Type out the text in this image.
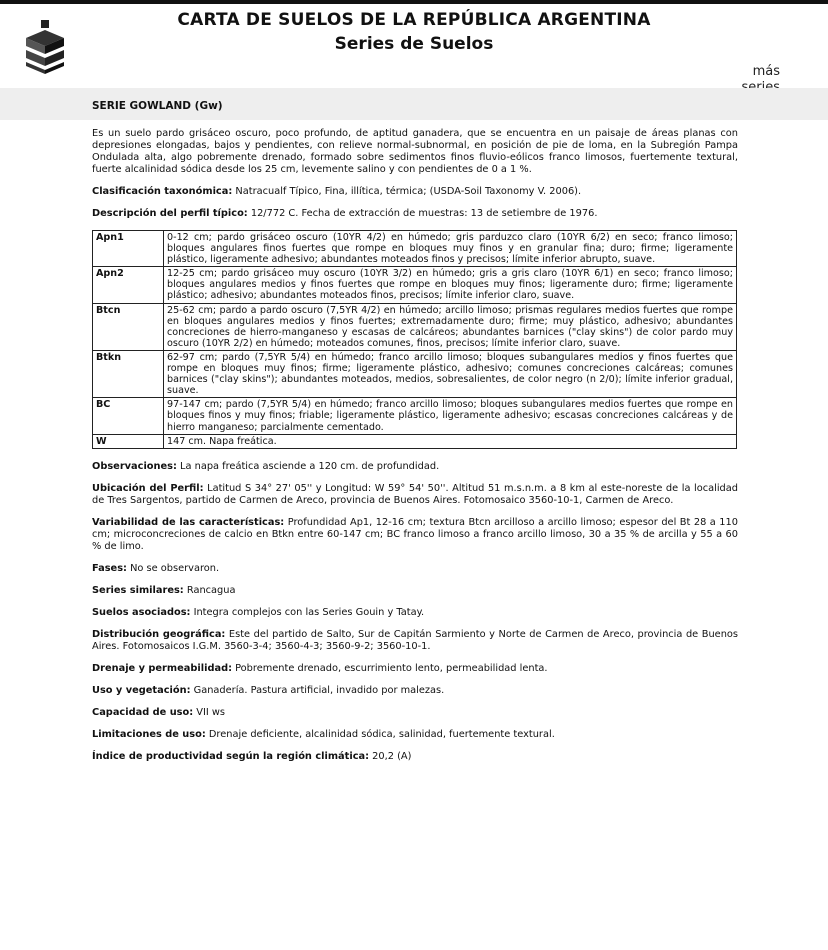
CARTA DE SUELOS DE LA REPÚBLICA ARGENTINA
Series de Suelos
más
SERIE GOWLAND (Gw)

Es un suelo pardo grisáceo oscuro, poco profundo, de aptitud ganadera, que se encuentra en un paisaje de áreas planas con depresiones elongadas, bajos y pendientes, con relieve normal-subnormal, en posición de pie de loma, en la Subregión Pampa Ondulada alta, algo pobremente drenado, formado sobre sedimentos finos fluvio-eólicos franco limosos, fuertemente textural, fuerte alcalinidad sódica desde los 25 cm, levemente salino y con pendientes de 0 a 1 %.

Clasificación taxonómica: Natracualf Típico, Fina, illítica, térmica; (USDA-Soil Taxonomy V. 2006).

Descripción del perfil típico: 12/772 C. Fecha de extracción de muestras: 13 de setiembre de 1976.

Apn1	0-12 cm; pardo grisáceo oscuro (10YR 4/2) en húmedo; gris parduzco claro (10YR 6/2) en seco; franco limoso; bloques angulares finos fuertes que rompe en bloques muy finos y en granular fina; duro; firme; ligeramente plástico, ligeramente adhesivo; abundantes moteados finos y precisos; límite inferior abrupto, suave.
Apn2	12-25 cm; pardo grisáceo muy oscuro (10YR 3/2) en húmedo; gris a gris claro (10YR 6/1) en seco; franco limoso; bloques angulares medios y finos fuertes que rompe en bloques muy finos; ligeramente duro; firme; ligeramente plástico; adhesivo; abundantes moteados finos, precisos; límite inferior claro, suave.
Btcn	25-62 cm; pardo a pardo oscuro (7,5YR 4/2) en húmedo; arcillo limoso; prismas regulares medios fuertes que rompe en bloques angulares medios y finos fuertes; extremadamente duro; firme; muy plástico, adhesivo; abundantes concreciones de hierro-manganeso y escasas de calcáreos; abundantes barnices ("clay skins") de color pardo muy oscuro (10YR 2/2) en húmedo; moteados comunes, finos, precisos; límite inferior claro, suave.
Btkn	62-97 cm; pardo (7,5YR 5/4) en húmedo; franco arcillo limoso; bloques subangulares medios y finos fuertes que rompe en bloques muy finos; firme; ligeramente plástico, adhesivo; comunes concreciones calcáreas; comunes barnices ("clay skins"); abundantes moteados, medios, sobresalientes, de color negro (n 2/0); límite inferior gradual, suave.
BC	97-147 cm; pardo (7,5YR 5/4) en húmedo; franco arcillo limoso; bloques subangulares medios fuertes que rompe en bloques finos y muy finos; friable; ligeramente plástico, ligeramente adhesivo; escasas concreciones calcáreas y de hierro manganeso; parcialmente cementado.
W	147 cm. Napa freática.

Observaciones: La napa freática asciende a 120 cm. de profundidad.

Ubicación del Perfil: Latitud S 34° 27' 05'' y Longitud: W 59° 54' 50''. Altitud 51 m.s.n.m. a 8 km al este-noreste de la localidad de Tres Sargentos, partido de Carmen de Areco, provincia de Buenos Aires. Fotomosaico 3560-10-1, Carmen de Areco.

Variabilidad de las características: Profundidad Ap1, 12-16 cm; textura Btcn arcilloso a arcillo limoso; espesor del Bt 28 a 110 cm; microconcreciones de calcio en Btkn entre 60-147 cm; BC franco limoso a franco arcillo limoso, 30 a 35 % de arcilla y 55 a 60 % de limo.

Fases: No se observaron.

Series similares: Rancagua

Suelos asociados: Integra complejos con las Series Gouin y Tatay.

Distribución geográfica: Este del partido de Salto, Sur de Capitán Sarmiento y Norte de Carmen de Areco, provincia de Buenos Aires. Fotomosaicos I.G.M. 3560-3-4; 3560-4-3; 3560-9-2; 3560-10-1.

Drenaje y permeabilidad: Pobremente drenado, escurrimiento lento, permeabilidad lenta.

Uso y vegetación: Ganadería. Pastura artificial, invadido por malezas.

Capacidad de uso: VII ws

Limitaciones de uso: Drenaje deficiente, alcalinidad sódica, salinidad, fuertemente textural.

Índice de productividad según la región climática: 20,2 (A)
